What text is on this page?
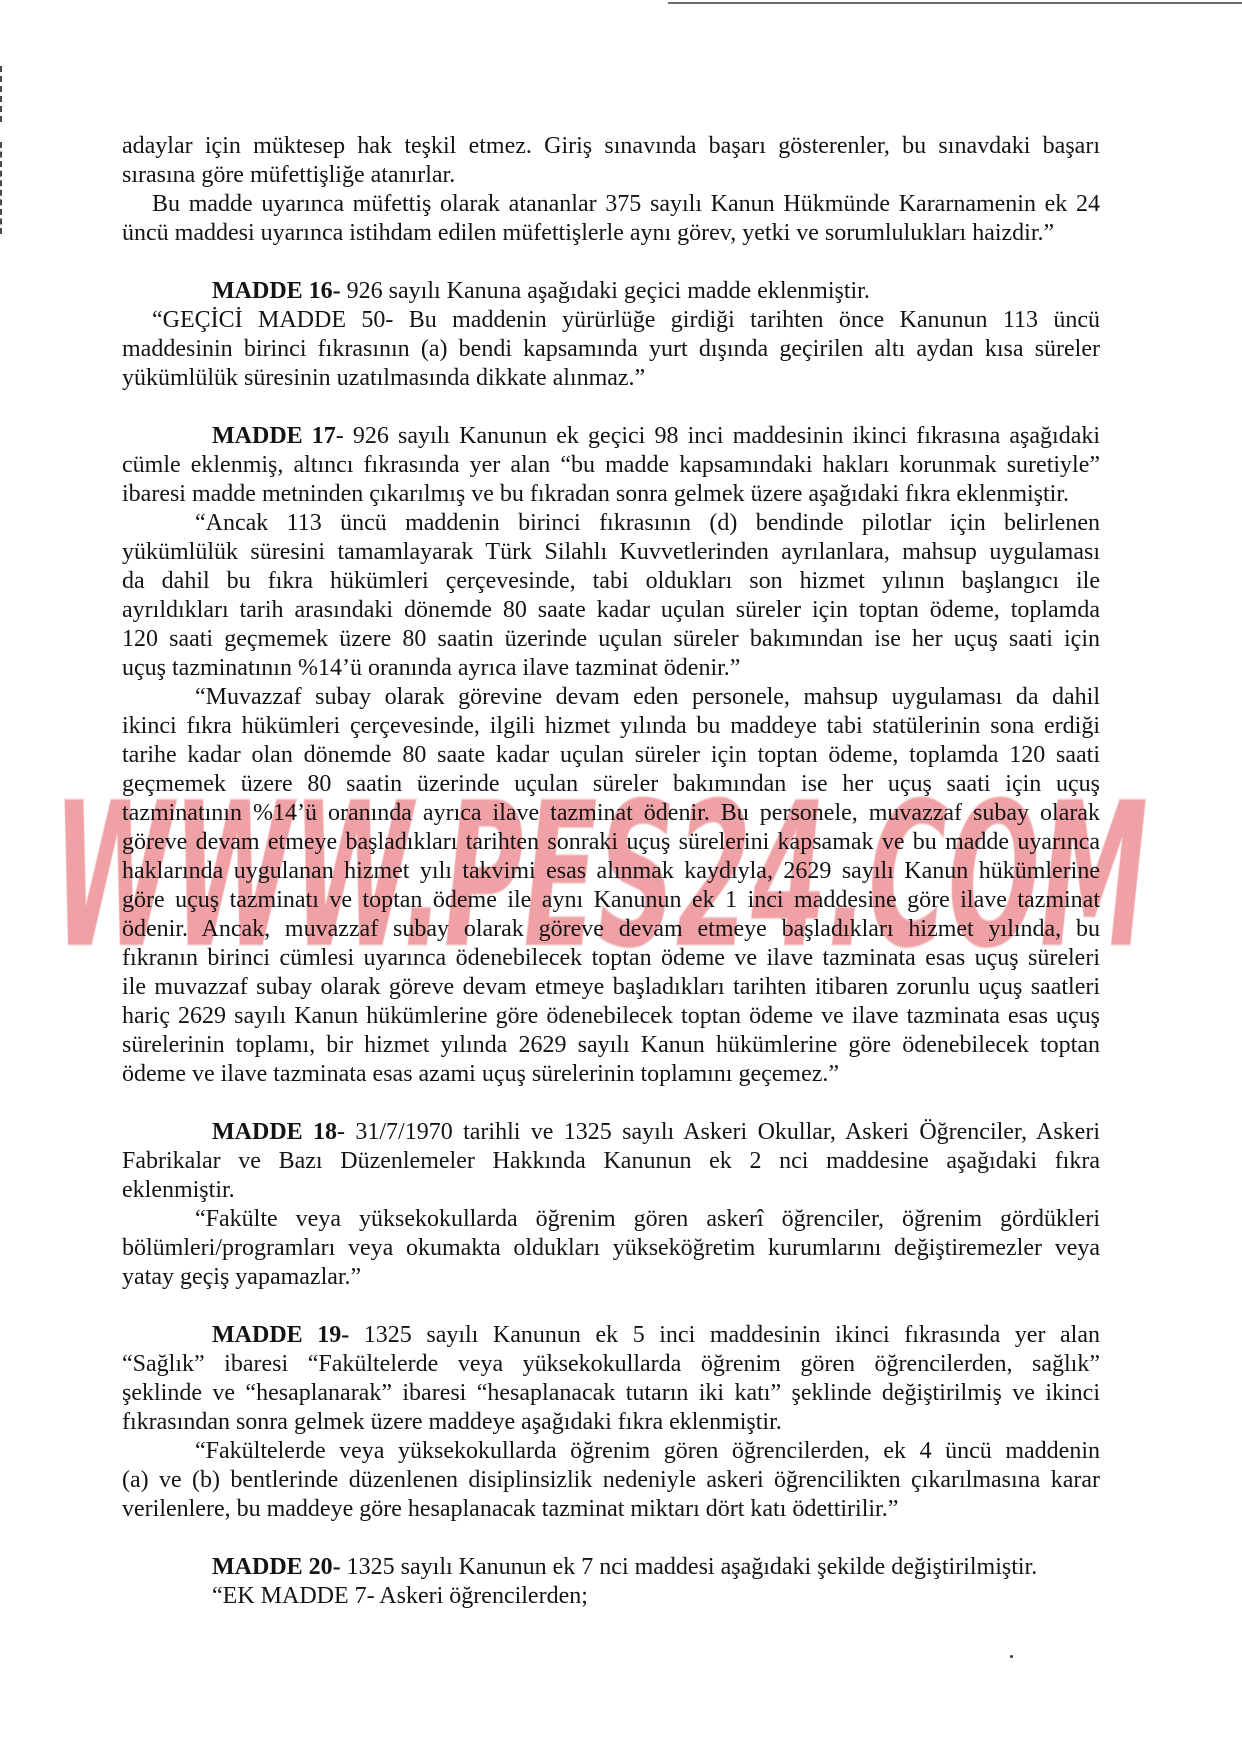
WWW.PES24.COM
adaylar için müktesep hak teşkil etmez. Giriş sınavında başarı gösterenler, bu sınavdaki başarı
sırasına göre müfettişliğe atanırlar.
Bu madde uyarınca müfettiş olarak atananlar 375 sayılı Kanun Hükmünde Kararnamenin ek 24
üncü maddesi uyarınca istihdam edilen müfettişlerle aynı görev, yetki ve sorumlulukları haizdir.”
MADDE 16- 926 sayılı Kanuna aşağıdaki geçici madde eklenmiştir.
“GEÇİCİ MADDE 50- Bu maddenin yürürlüğe girdiği tarihten önce Kanunun 113 üncü
maddesinin birinci fıkrasının (a) bendi kapsamında yurt dışında geçirilen altı aydan kısa süreler
yükümlülük süresinin uzatılmasında dikkate alınmaz.”
MADDE 17- 926 sayılı Kanunun ek geçici 98 inci maddesinin ikinci fıkrasına aşağıdaki
cümle eklenmiş, altıncı fıkrasında yer alan “bu madde kapsamındaki hakları korunmak suretiyle”
ibaresi madde metninden çıkarılmış ve bu fıkradan sonra gelmek üzere aşağıdaki fıkra eklenmiştir.
“Ancak 113 üncü maddenin birinci fıkrasının (d) bendinde pilotlar için belirlenen
yükümlülük süresini tamamlayarak Türk Silahlı Kuvvetlerinden ayrılanlara, mahsup uygulaması
da dahil bu fıkra hükümleri çerçevesinde, tabi oldukları son hizmet yılının başlangıcı ile
ayrıldıkları tarih arasındaki dönemde 80 saate kadar uçulan süreler için toptan ödeme, toplamda
120 saati geçmemek üzere 80 saatin üzerinde uçulan süreler bakımından ise her uçuş saati için
uçuş tazminatının %14’ü oranında ayrıca ilave tazminat ödenir.”
“Muvazzaf subay olarak görevine devam eden personele, mahsup uygulaması da dahil
ikinci fıkra hükümleri çerçevesinde, ilgili hizmet yılında bu maddeye tabi statülerinin sona erdiği
tarihe kadar olan dönemde 80 saate kadar uçulan süreler için toptan ödeme, toplamda 120 saati
geçmemek üzere 80 saatin üzerinde uçulan süreler bakımından ise her uçuş saati için uçuş
tazminatının %14’ü oranında ayrıca ilave tazminat ödenir. Bu personele, muvazzaf subay olarak
göreve devam etmeye başladıkları tarihten sonraki uçuş sürelerini kapsamak ve bu madde uyarınca
haklarında uygulanan hizmet yılı takvimi esas alınmak kaydıyla, 2629 sayılı Kanun hükümlerine
göre uçuş tazminatı ve toptan ödeme ile aynı Kanunun ek 1 inci maddesine göre ilave tazminat
ödenir. Ancak, muvazzaf subay olarak göreve devam etmeye başladıkları hizmet yılında, bu
fıkranın birinci cümlesi uyarınca ödenebilecek toptan ödeme ve ilave tazminata esas uçuş süreleri
ile muvazzaf subay olarak göreve devam etmeye başladıkları tarihten itibaren zorunlu uçuş saatleri
hariç 2629 sayılı Kanun hükümlerine göre ödenebilecek toptan ödeme ve ilave tazminata esas uçuş
sürelerinin toplamı, bir hizmet yılında 2629 sayılı Kanun hükümlerine göre ödenebilecek toptan
ödeme ve ilave tazminata esas azami uçuş sürelerinin toplamını geçemez.”
MADDE 18- 31/7/1970 tarihli ve 1325 sayılı Askeri Okullar, Askeri Öğrenciler, Askeri
Fabrikalar ve Bazı Düzenlemeler Hakkında Kanunun ek 2 nci maddesine aşağıdaki fıkra
eklenmiştir.
“Fakülte veya yüksekokullarda öğrenim gören askerî öğrenciler, öğrenim gördükleri
bölümleri/programları veya okumakta oldukları yükseköğretim kurumlarını değiştiremezler veya
yatay geçiş yapamazlar.”
MADDE 19- 1325 sayılı Kanunun ek 5 inci maddesinin ikinci fıkrasında yer alan
“Sağlık” ibaresi “Fakültelerde veya yüksekokullarda öğrenim gören öğrencilerden, sağlık”
şeklinde ve “hesaplanarak” ibaresi “hesaplanacak tutarın iki katı” şeklinde değiştirilmiş ve ikinci
fıkrasından sonra gelmek üzere maddeye aşağıdaki fıkra eklenmiştir.
“Fakültelerde veya yüksekokullarda öğrenim gören öğrencilerden, ek 4 üncü maddenin
(a) ve (b) bentlerinde düzenlenen disiplinsizlik nedeniyle askeri öğrencilikten çıkarılmasına karar
verilenlere, bu maddeye göre hesaplanacak tazminat miktarı dört katı ödettirilir.”
MADDE 20- 1325 sayılı Kanunun ek 7 nci maddesi aşağıdaki şekilde değiştirilmiştir.
“EK MADDE 7- Askeri öğrencilerden;
